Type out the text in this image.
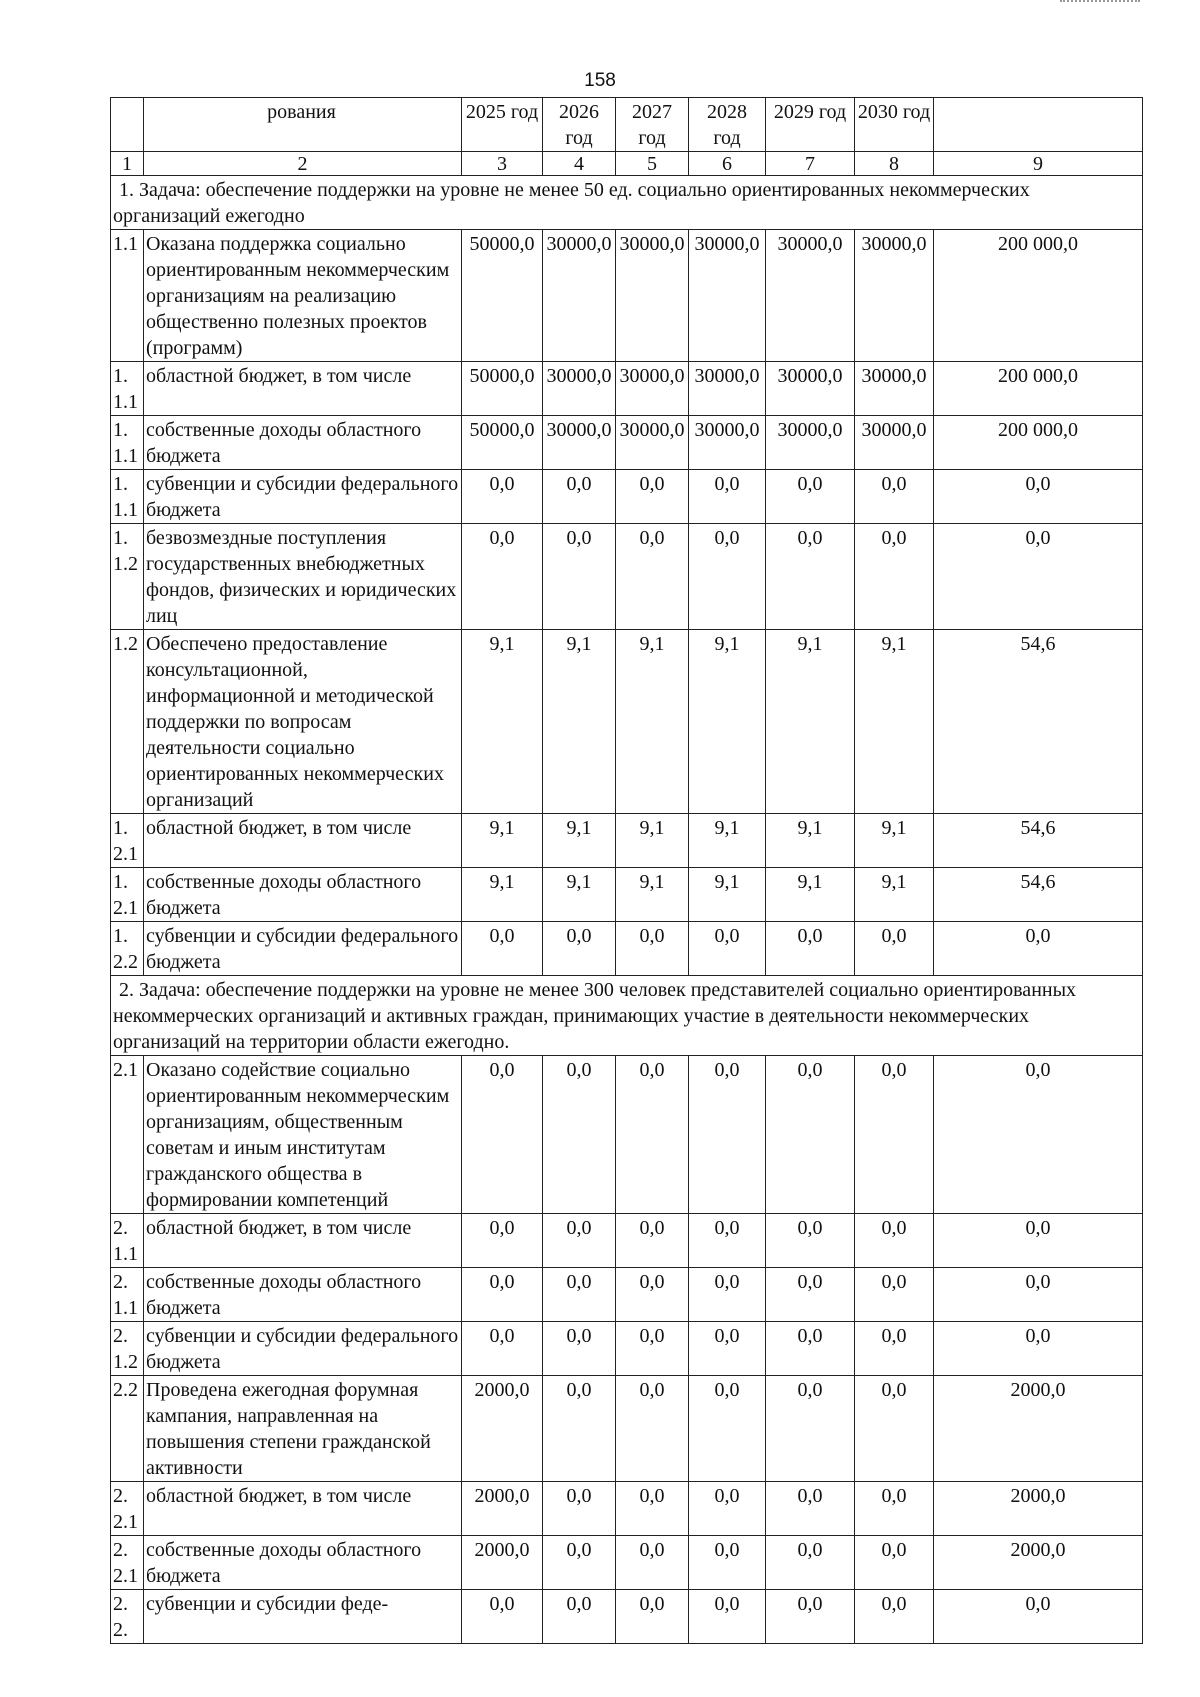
158
	рования	2025 год	2026 год	2027 год	2028 год	2029 год	2030 год	
1	2	3	4	5	6	7	8	9
1. Задача: обеспечение поддержки на уровне не менее 50 ед. социально ориентированных некоммерческих организаций ежегодно								
1.1	Оказана поддержка социально ориентированным некоммерческим организациям на реализацию общественно полезных проектов (программ)	50000,0	30000,0	30000,0	30000,0	30000,0	30000,0	200 000,0
1.1.1	областной бюджет, в том числе	50000,0	30000,0	30000,0	30000,0	30000,0	30000,0	200 000,0
1.1.1	собственные доходы областного бюджета	50000,0	30000,0	30000,0	30000,0	30000,0	30000,0	200 000,0
1.1.1	субвенции и субсидии федерального бюджета	0,0	0,0	0,0	0,0	0,0	0,0	0,0
1.1.2	безвозмездные поступления государственных внебюджетных фондов, физических и юридических лиц	0,0	0,0	0,0	0,0	0,0	0,0	0,0
1.2	Обеспечено предоставление консультационной, информационной и методической поддержки по вопросам деятельности социально ориентированных некоммерческих организаций	9,1	9,1	9,1	9,1	9,1	9,1	54,6
1.2.1	областной бюджет, в том числе	9,1	9,1	9,1	9,1	9,1	9,1	54,6
1.2.1	собственные доходы областного бюджета	9,1	9,1	9,1	9,1	9,1	9,1	54,6
1.2.2	субвенции и субсидии федерального бюджета	0,0	0,0	0,0	0,0	0,0	0,0	0,0
2. Задача: обеспечение поддержки на уровне не менее 300 человек представителей социально ориентированных некоммерческих организаций и активных граждан, принимающих участие в деятельности некоммерческих организаций на территории области ежегодно.								
2.1	Оказано содействие социально ориентированным некоммерческим организациям, общественным советам и иным институтам гражданского общества в формировании компетенций	0,0	0,0	0,0	0,0	0,0	0,0	0,0
2.1.1	областной бюджет, в том числе	0,0	0,0	0,0	0,0	0,0	0,0	0,0
2.1.1	собственные доходы областного бюджета	0,0	0,0	0,0	0,0	0,0	0,0	0,0
2.1.2	субвенции и субсидии федерального бюджета	0,0	0,0	0,0	0,0	0,0	0,0	0,0
2.2	Проведена ежегодная форумная кампания, направленная на повышения степени гражданской активности	2000,0	0,0	0,0	0,0	0,0	0,0	2000,0
2.2.1	областной бюджет, в том числе	2000,0	0,0	0,0	0,0	0,0	0,0	2000,0
2.2.1	собственные доходы областного бюджета	2000,0	0,0	0,0	0,0	0,0	0,0	2000,0
2.2.	субвенции и субсидии феде-	0,0	0,0	0,0	0,0	0,0	0,0	0,0
